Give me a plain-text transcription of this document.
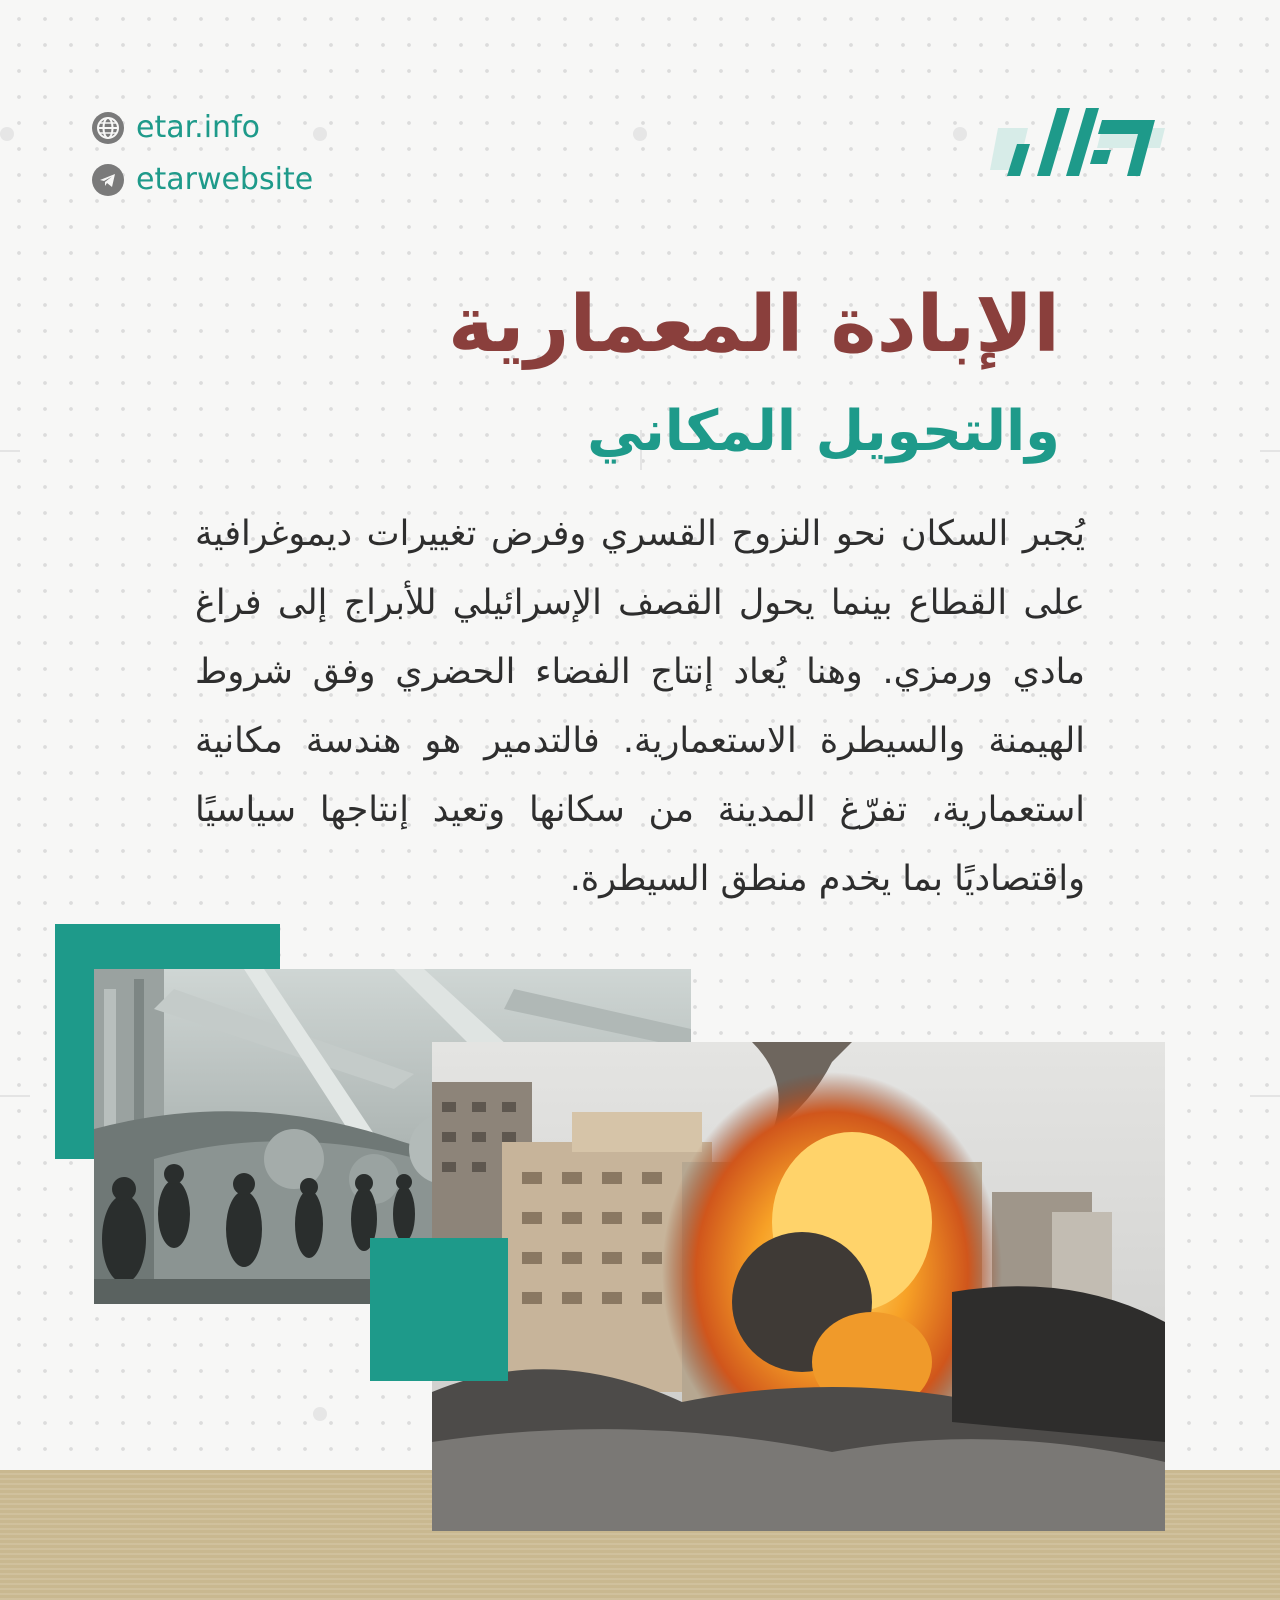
etar.info
etarwebsite
الإبادة المعمارية
والتحويل المكاني
يُجبر السكان نحو النزوح القسري وفرض تغييرات ديموغرافية على القطاع بينما يحول القصف الإسرائيلي للأبراج إلى فراغ مادي ورمزي. وهنا يُعاد إنتاج الفضاء الحضري وفق شروط الهيمنة والسيطرة الاستعمارية. فالتدمير هو هندسة مكانية استعمارية، تفرّغ المدينة من سكانها وتعيد إنتاجها سياسيًا واقتصاديًا بما يخدم منطق السيطرة.
